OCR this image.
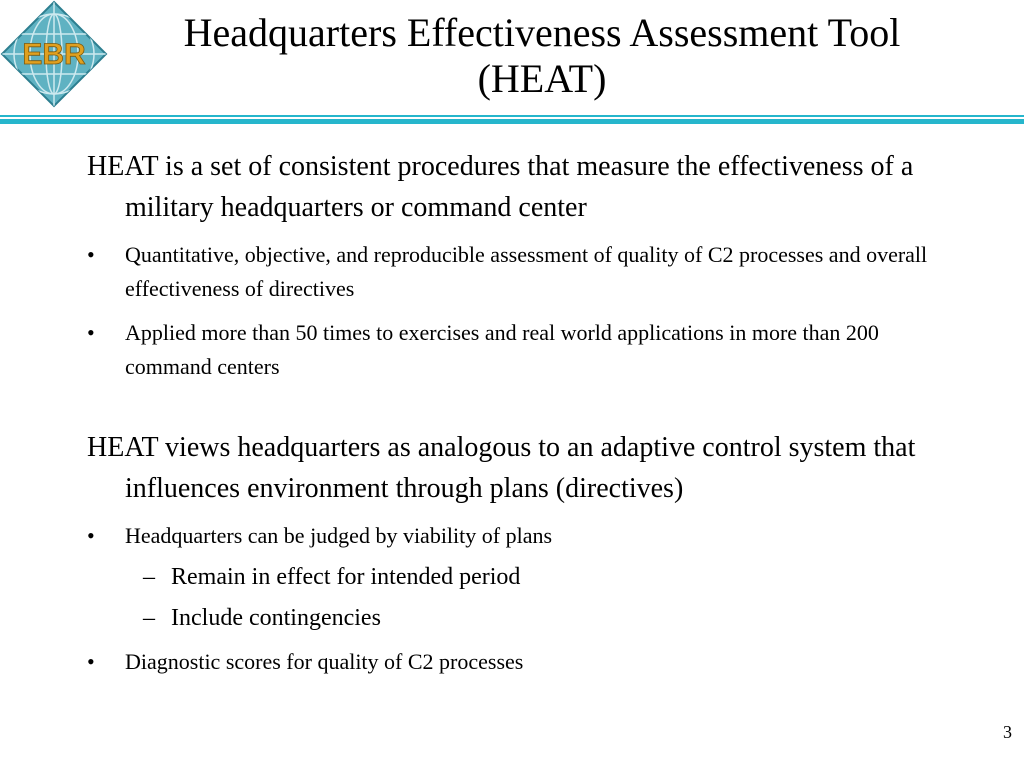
EBR	Headquarters Effectiveness Assessment Tool
(HEAT)
HEAT is a set of consistent procedures that measure the effectiveness of a military headquarters or command center
•	Quantitative, objective, and reproducible assessment of quality of C2 processes and overall effectiveness of directives
•	Applied more than 50 times to exercises and real world applications in more than 200 command centers
HEAT views headquarters as analogous to an adaptive control system that influences environment through plans (directives)
•	Headquarters can be judged by viability of plans
– Remain in effect for intended period
– Include contingencies
•	Diagnostic scores for quality of C2 processes
3
